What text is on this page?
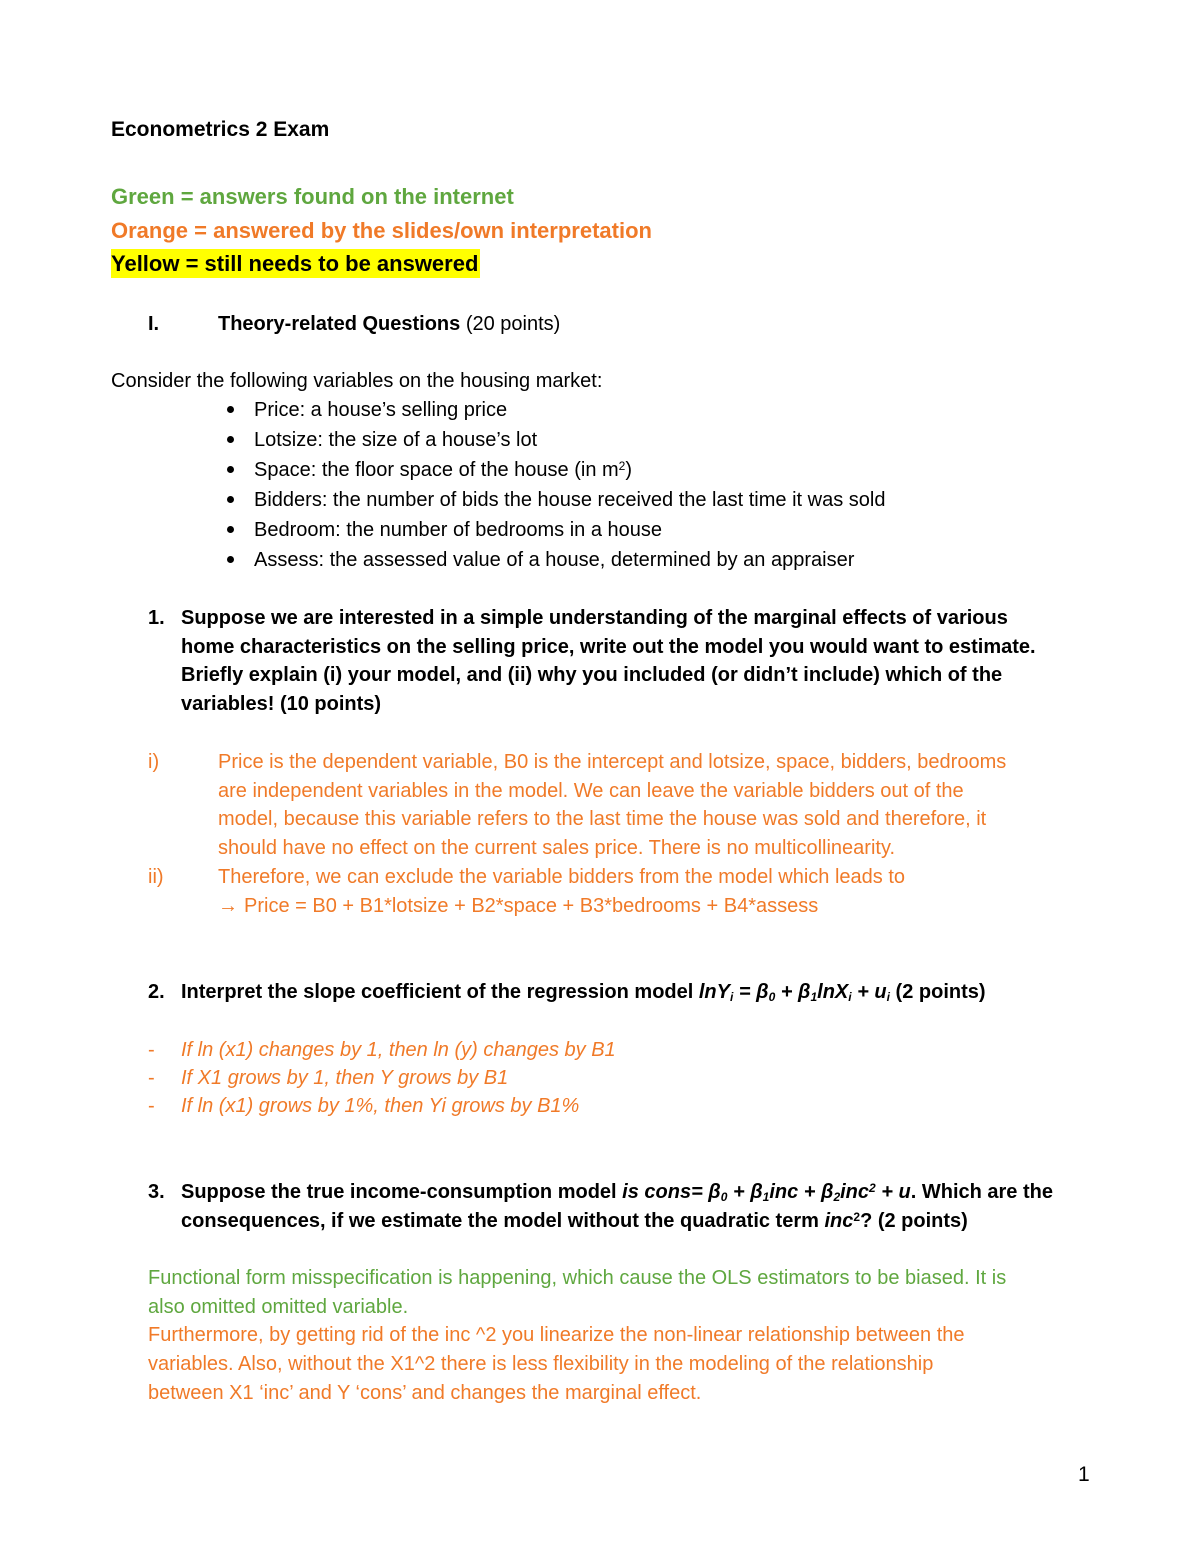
Econometrics 2 Exam
Green = answers found on the internet
Orange = answered by the slides/own interpretation
Yellow = still needs to be answered
I.	Theory-related Questions (20 points)
Consider the following variables on the housing market:
Price: a house’s selling price
Lotsize: the size of a house’s lot
Space: the floor space of the house (in $m^2$)
Bidders: the number of bids the house received the last time it was sold
Bedroom: the number of bedrooms in a house
Assess: the assessed value of a house, determined by an appraiser
1. Suppose we are interested in a simple understanding of the marginal effects of various
home characteristics on the selling price, write out the model you would want to estimate.
Briefly explain (i) your model, and (ii) why you included (or didn’t include) which of the
variables! (10 points)
i)	Price is the dependent variable, B0 is the intercept and lotsize, space, bidders, bedrooms
are independent variables in the model. We can leave the variable bidders out of the
model, because this variable refers to the last time the house was sold and therefore, it
should have no effect on the current sales price. There is no multicollinearity.
ii)	Therefore, we can exclude the variable bidders from the model which leads to
→ Price = B0 + B1*lotsize + B2*space + B3*bedrooms + B4*assess
2. Interpret the slope coefficient of the regression model $\ln Y_i = \beta_0 + \beta_1\ln X_i + u_i$ (2 points)
- If ln (x1) changes by 1, then ln (y) changes by B1
- If X1 grows by 1, then Y grows by B1
- If ln (x1) grows by 1%, then Yi grows by B1%
3. Suppose the true income-consumption model is cons= $\beta_0 + \beta_1inc + \beta_2inc^2 + u$. Which are the
consequences, if we estimate the model without the quadratic term inc$^2$? (2 points)
Functional form misspecification is happening, which cause the OLS estimators to be biased. It is
also omitted omitted variable.
Furthermore, by getting rid of the inc ^2 you linearize the non-linear relationship between the
variables. Also, without the X1^2 there is less flexibility in the modeling of the relationship
between X1 ‘inc’ and Y ‘cons’ and changes the marginal effect.
1
